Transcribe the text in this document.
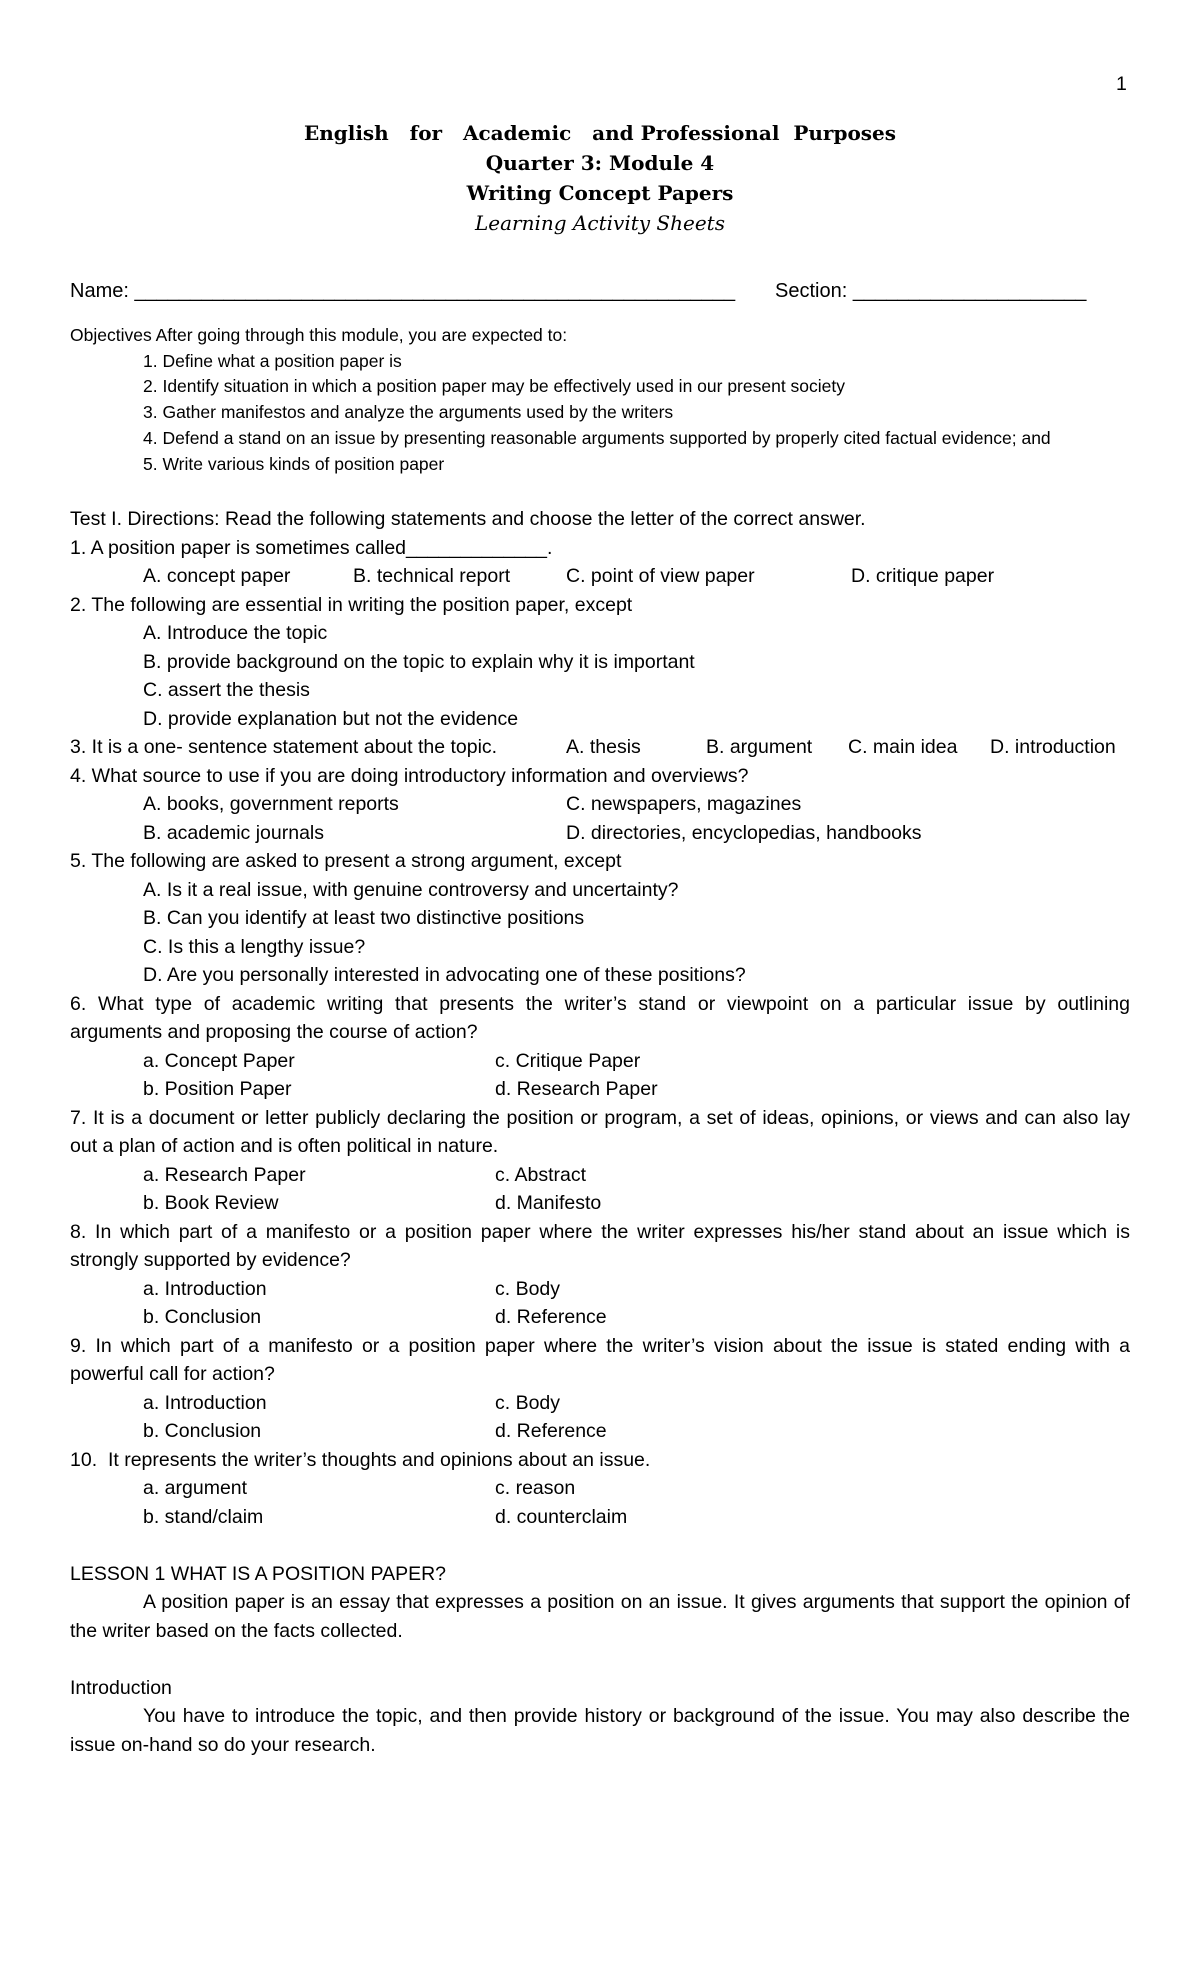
1
English   for   Academic   and Professional  Purposes
Quarter 3: Module 4
Writing Concept Papers
Learning Activity Sheets
Name: ______________________________________________________ Section: _____________________
Objectives After going through this module, you are expected to:
1. Define what a position paper is
2. Identify situation in which a position paper may be effectively used in our present society
3. Gather manifestos and analyze the arguments used by the writers
4. Defend a stand on an issue by presenting reasonable arguments supported by properly cited factual evidence; and
5. Write various kinds of position paper
Test I. Directions: Read the following statements and choose the letter of the correct answer.
1. A position paper is sometimes called_____________.
A. concept paper	B. technical report	C. point of view paper	D. critique paper
2. The following are essential in writing the position paper, except
A. Introduce the topic
B. provide background on the topic to explain why it is important
C. assert the thesis
D. provide explanation but not the evidence
3. It is a one- sentence statement about the topic.	A. thesis	B. argument C. main idea D. introduction
4. What source to use if you are doing introductory information and overviews?
A. books, government reports	C. newspapers, magazines
B. academic journals	D. directories, encyclopedias, handbooks
5. The following are asked to present a strong argument, except
A. Is it a real issue, with genuine controversy and uncertainty?
B. Can you identify at least two distinctive positions
C. Is this a lengthy issue?
D. Are you personally interested in advocating one of these positions?
6. What type of academic writing that presents the writer’s stand or viewpoint on a particular issue by outlining
arguments and proposing the course of action?
a. Concept Paper	c. Critique Paper
b. Position Paper	d. Research Paper
7. It is a document or letter publicly declaring the position or program, a set of ideas, opinions, or views and can also lay
out a plan of action and is often political in nature.
a. Research Paper	c. Abstract
b. Book Review	d. Manifesto
8. In which part of a manifesto or a position paper where the writer expresses his/her stand about an issue which is
strongly supported by evidence?
a. Introduction	c. Body
b. Conclusion	d. Reference
9. In which part of a manifesto or a position paper where the writer’s vision about the issue is stated ending with a
powerful call for action?
a. Introduction	c. Body
b. Conclusion	d. Reference
10.  It represents the writer’s thoughts and opinions about an issue.
a. argument	c. reason
b. stand/claim	d. counterclaim
LESSON 1 WHAT IS A POSITION PAPER?
A position paper is an essay that expresses a position on an issue. It gives arguments that support the opinion of
the writer based on the facts collected.
Introduction
You have to introduce the topic, and then provide history or background of the issue. You may also describe the
issue on-hand so do your research.
